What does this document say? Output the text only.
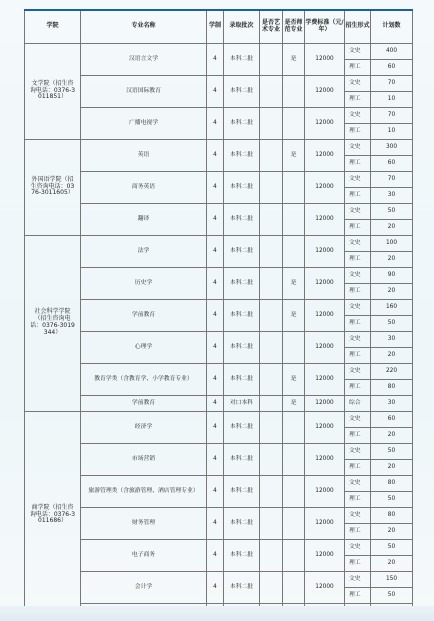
学院	专业名称	学制	录取批次	是否艺术专业	是否师范专业	学费标准（元/年）	招生形式	计划数
文学院（招生咨询电话：0376-3011851）	汉语言文学	4	本科二批		是	12000	文史	400
							理工	60
	汉语国际教育	4	本科二批			12000	文史	70
							理工	10
	广播电视学	4	本科二批			12000	文史	70
							理工	10
外国语学院（招生咨询电话：0376-3011605）	英语	4	本科二批		是	12000	文史	300
							理工	60
	商务英语	4	本科二批			12000	文史	70
							理工	30
	翻译	4	本科二批			12000	文史	50
							理工	20
社会科学学院（招生咨询电话：0376-3019344）	法学	4	本科二批			12000	文史	100
							理工	20
	历史学	4	本科二批		是	12000	文史	90
							理工	20
	学前教育	4	本科二批		是	12000	文史	160
							理工	50
	心理学	4	本科二批			12000	文史	30
							理工	20
	教育学类（含教育学、小学教育专业）	4	本科二批		是	12000	文史	220
							理工	80
	学前教育	4	对口本科		是	12000	综合	30
商学院（招生咨询电话：0376-3011686）	经济学	4	本科二批			12000	文史	60
							理工	20
	市场营销	4	本科二批			12000	文史	50
							理工	20
	旅游管理类（含旅游管理、酒店管理专业）	4	本科二批			12000	文史	80
							理工	50
	财务管理	4	本科二批			12000	文史	80
							理工	20
	电子商务	4	本科二批			12000	文史	50
							理工	20
	会计学	4	本科二批			12000	文史	150
							理工	50
